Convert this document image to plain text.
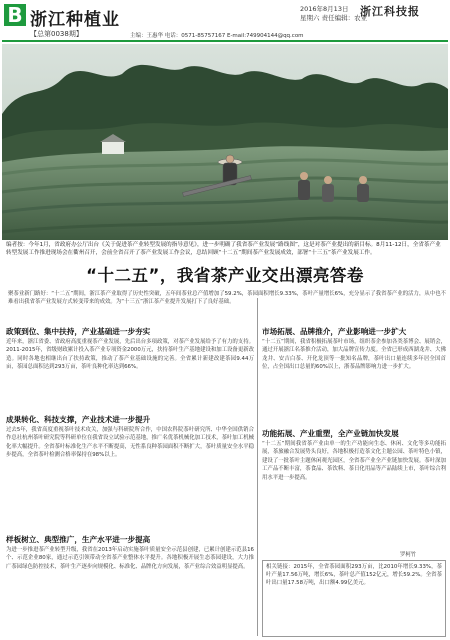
B 浙江种植业
【总第0038期】
2016年8月13日
星期六 责任编辑：农业
浙江科技报
主编：王惠华 电话：0571-85757167 E-mail:749904144@qq.com
编者按：今年1月，省政府办公厅出台《关于促进茶产业转型发展的指导意见》，进一步明确了我省茶产业发展“路线图”，这是对茶产业提出的新目标。8月11-12日，全省茶产业转型发展工作推进现场会在衢州召开，会前全省召开了茶产业发展工作会议，总结回顾“十二五”期间茶产业发展成效，部署“十三五”茶产业发展工作。
“十二五”，我省茶产业交出漂亮答卷
聚茶业新门路好：“十二五”期间，浙江茶产业取得了历史性突破，五年间茶业总产值增加了59.2%，茶园面积增长9.33%，茶叶产量增长6%，充分显示了我省茶产业的活力，从中也不难看出我省茶产业发展方式转变带来的成效。为“十三五”浙江茶产业提升发展打下了良好基础。
政策到位、集中扶持，产业基础进一步夯实
近年来，浙江省委、省政府高度重视茶产业发展，先后出台多项政策，对茶产业发展给予了有力的支持。2011-2015年，省级财政累计投入茶产业专项资金2000万元，扶持茶叶生产基地建设和加工设备更新改造。同时各地也相继出台了扶持政策，推动了茶产业基础设施的完善。全省累计新建改建茶园9.44万亩，茶园总面积达到293万亩，茶叶良种化率达到66%。
成果转化、科技支撑，产业技术进一步提升
过去5年，我省高度重视茶叶技术攻关，加强与科研院所合作，中国农科院茶叶研究所、中华全国供销合作总社杭州茶叶研究院等科研单位在我省设立试验示范基地，推广名优茶机械化加工技术，茶叶加工机械化率大幅提升。全省茶叶标准化生产水平不断提高，无性系良种茶园面积不断扩大，茶叶质量安全水平稳步提高，全省茶叶检测合格率保持在98%以上。
样板树立、典型推广，生产水平进一步提高
为进一步推进茶产业转型升级，我省在2013年启动实施茶叶质量安全示范县创建，已累计创建示范县16个、示范企业80家，通过示范引领带动全省茶产业整体水平提升。各地积极开展生态茶园建设，大力推广茶园绿色防控技术，茶叶生产逐步向规模化、标准化、品牌化方向发展，茶产业综合效益明显提高。
市场拓展、品牌推介，产业影响进一步扩大
“十二五”期间，我省积极拓展茶叶市场，组织茶企参加各类茶博会、展销会，通过开展浙江名茶推介活动，加大品牌宣传力度。全省已形成西湖龙井、大佛龙井、安吉白茶、开化龙顶等一批知名品牌，茶叶出口量连续多年居全国首位，占全国出口总量的60%以上，浙茶品牌影响力进一步扩大。
功能拓展、产业重塑，全产业链加快发展
“十二五”期间我省茶产业由单一的生产功能向生态、休闲、文化等多功能拓展，茶旅融合发展势头良好，各地积极打造茶文化主题公园、茶叶特色小镇，建设了一批茶叶主题休闲观光园区，全省茶产业全产业链加快发展。茶叶深加工产品不断丰富，茶食品、茶饮料、茶日化用品等产品陆续上市，茶叶综合利用水平进一步提高。
罗柯竹
相关链接：2015年，全省茶园面积293万亩，比2010年增长9.33%，茶叶产量17.56万吨，增长6%，茶叶总产值152亿元，增长59.2%。全省茶叶出口量17.58万吨，出口额4.99亿美元。
